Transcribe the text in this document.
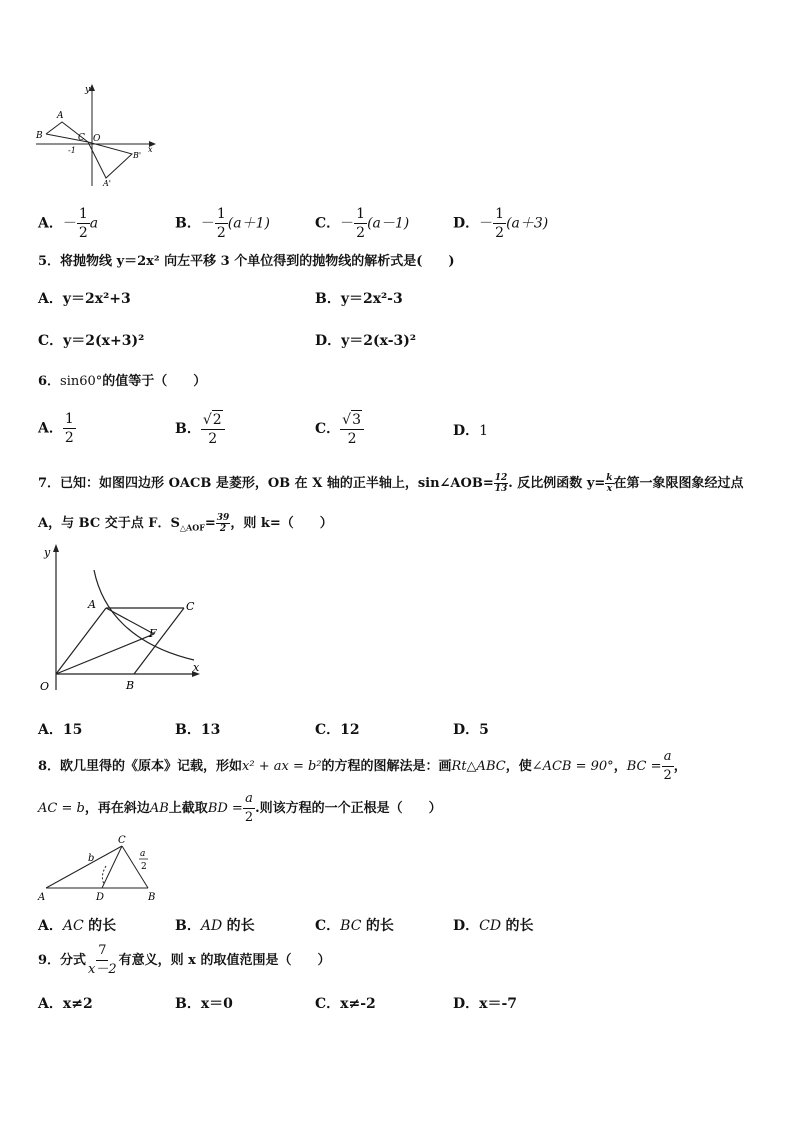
y
A
B	C O
-1	x
B'
A'
A．－ $\frac{1}{2}$ a	B．－ $\frac{1}{2} (a+1)$	C．－ $\frac{1}{2} (a-1)$	D．－ $\frac{1}{2} (a+3)$
5．将抛物线 y＝2x² 向左平移 3 个单位得到的抛物线的解析式是(　　)
A．y＝2x²+3	B．y＝2x²-3
C．y＝2(x+3)²	D．y＝2(x-3)²
6．sin60°的值等于（　　）
A． $\frac{1}{2}$	B． $\frac{√2}{2}$	C． $\frac{√3}{2}$	D．1
7．已知：如图四边形 OACB 是菱形，OB 在 X 轴的正半轴上，sin∠AOB= $\frac{12}{13}$ . 反比例函数 $y= \frac{k}{x}$ 在第一象限图象经过点
A，与 BC 交于点 F．$S_{\triangle AOF}= \frac{39}{2}$ ，则 k=（　　）
y
A	C
F
O	B
x
A．15	B．13	C．12	D．5
8．欧几里得的《原本》记载，形如x² + ax = b²的方程的图解法是：画Rt△ABC，使∠ACB = 90°，BC = $\frac{a}{2}$ ，
AC = b，再在斜边AB上截取BD = $\frac{a}{2}$ .则该方程的一个正根是（　　）
C
b	a
2
A	D	B
A．AC 的长	B．AD 的长	C．BC 的长	D．CD 的长
9．分式 $\frac{7}{x-2}$ 有意义，则 x 的取值范围是（　　）
A．x≠2	B．x＝0	C．x≠-2	D．x＝-7
